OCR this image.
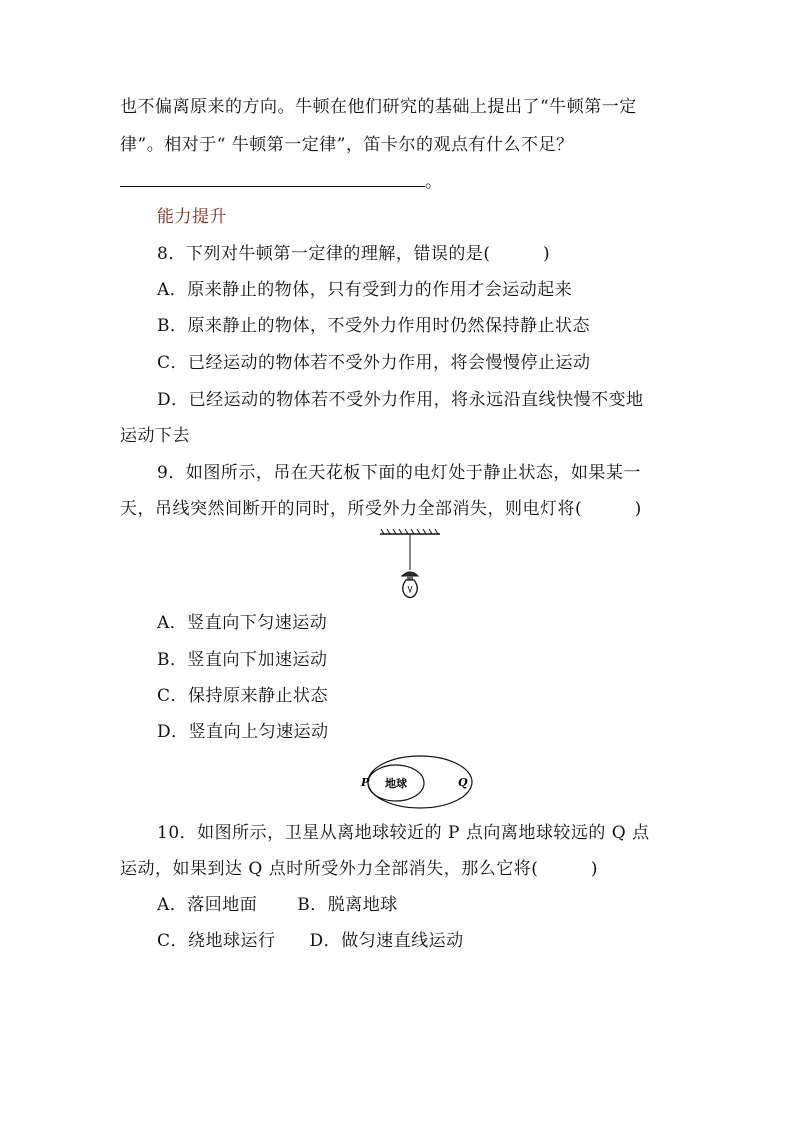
也不偏离原来的方向。牛顿在他们研究的基础上提出了“牛顿第一定
律”。相对于“ 牛顿第一定律”，笛卡尔的观点有什么不足？
。
能力提升
8．下列对牛顿第一定律的理解，错误的是(　　　)
A．原来静止的物体，只有受到力的作用才会运动起来
B．原来静止的物体，不受外力作用时仍然保持静止状态
C．已经运动的物体若不受外力作用，将会慢慢停止运动
D．已经运动的物体若不受外力作用，将永远沿直线快慢不变地
运动下去
9．如图所示，吊在天花板下面的电灯处于静止状态，如果某一
天，吊线突然间断开的同时，所受外力全部消失，则电灯将(　　　)
A．竖直向下匀速运动
B．竖直向下加速运动
C．保持原来静止状态
D．竖直向上匀速运动
地球
P	Q
10．如图所示，卫星从离地球较近的 P 点向离地球较远的 Q 点
运动，如果到达 Q 点时所受外力全部消失，那么它将(　　　)
A．落回地面 B．脱离地球
C．绕地球运行 D．做匀速直线运动
